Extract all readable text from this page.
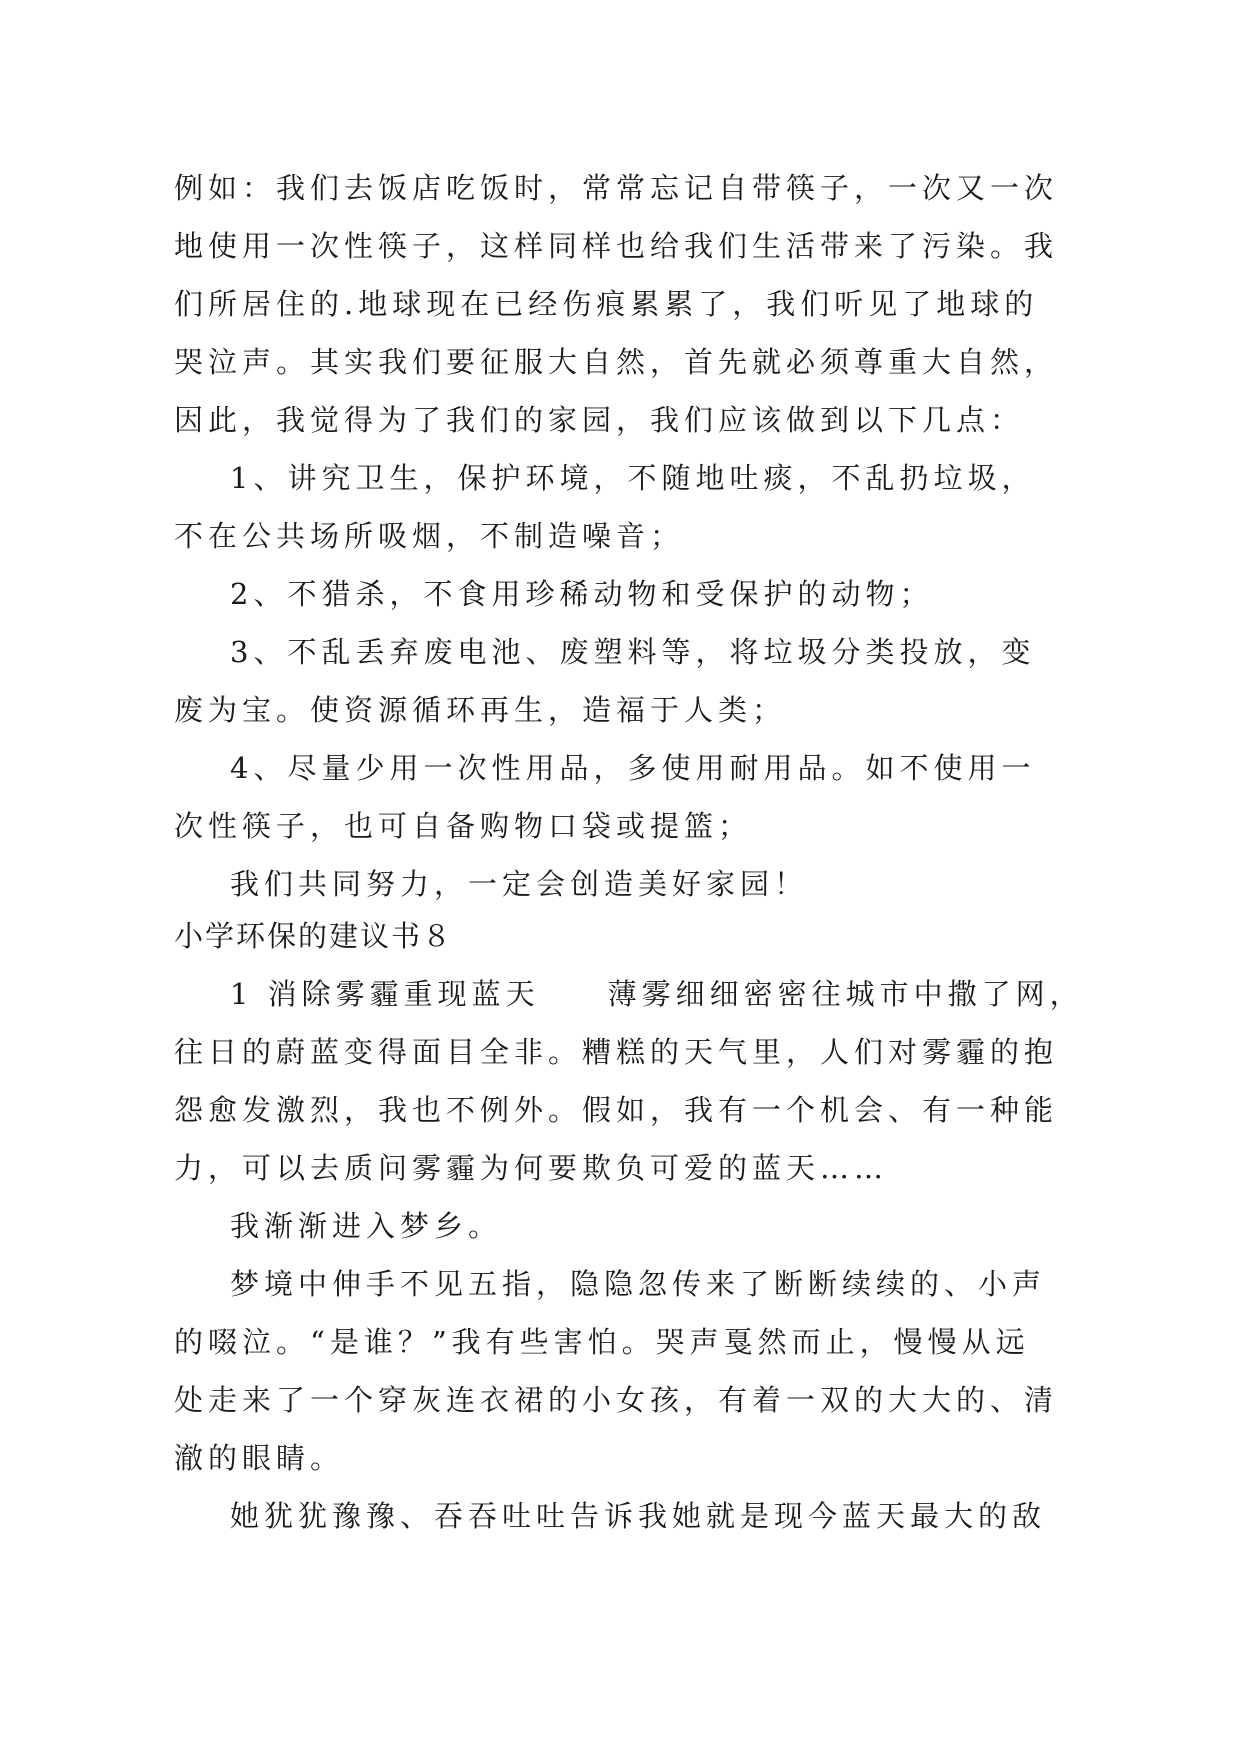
例如：我们去饭店吃饭时，常常忘记自带筷子，一次又一次
地使用一次性筷子，这样同样也给我们生活带来了污染。我
们所居住的.地球现在已经伤痕累累了，我们听见了地球的
哭泣声。其实我们要征服大自然，首先就必须尊重大自然，
因此，我觉得为了我们的家园，我们应该做到以下几点：
1、讲究卫生，保护环境，不随地吐痰，不乱扔垃圾，
不在公共场所吸烟，不制造噪音；
2、不猎杀，不食用珍稀动物和受保护的动物；
3、不乱丢弃废电池、废塑料等，将垃圾分类投放，变
废为宝。使资源循环再生，造福于人类；
4、尽量少用一次性用品，多使用耐用品。如不使用一
次性筷子，也可自备购物口袋或提篮；
我们共同努力，一定会创造美好家园！
小学环保的建议书８
1 消除雾霾重现蓝天　　薄雾细细密密往城市中撒了网，
往日的蔚蓝变得面目全非。糟糕的天气里，人们对雾霾的抱
怨愈发激烈，我也不例外。假如，我有一个机会、有一种能
力，可以去质问雾霾为何要欺负可爱的蓝天……
我渐渐进入梦乡。
梦境中伸手不见五指，隐隐忽传来了断断续续的、小声
的啜泣。“是谁？”我有些害怕。哭声戛然而止，慢慢从远
处走来了一个穿灰连衣裙的小女孩，有着一双的大大的、清
澈的眼睛。
她犹犹豫豫、吞吞吐吐告诉我她就是现今蓝天最大的敌
